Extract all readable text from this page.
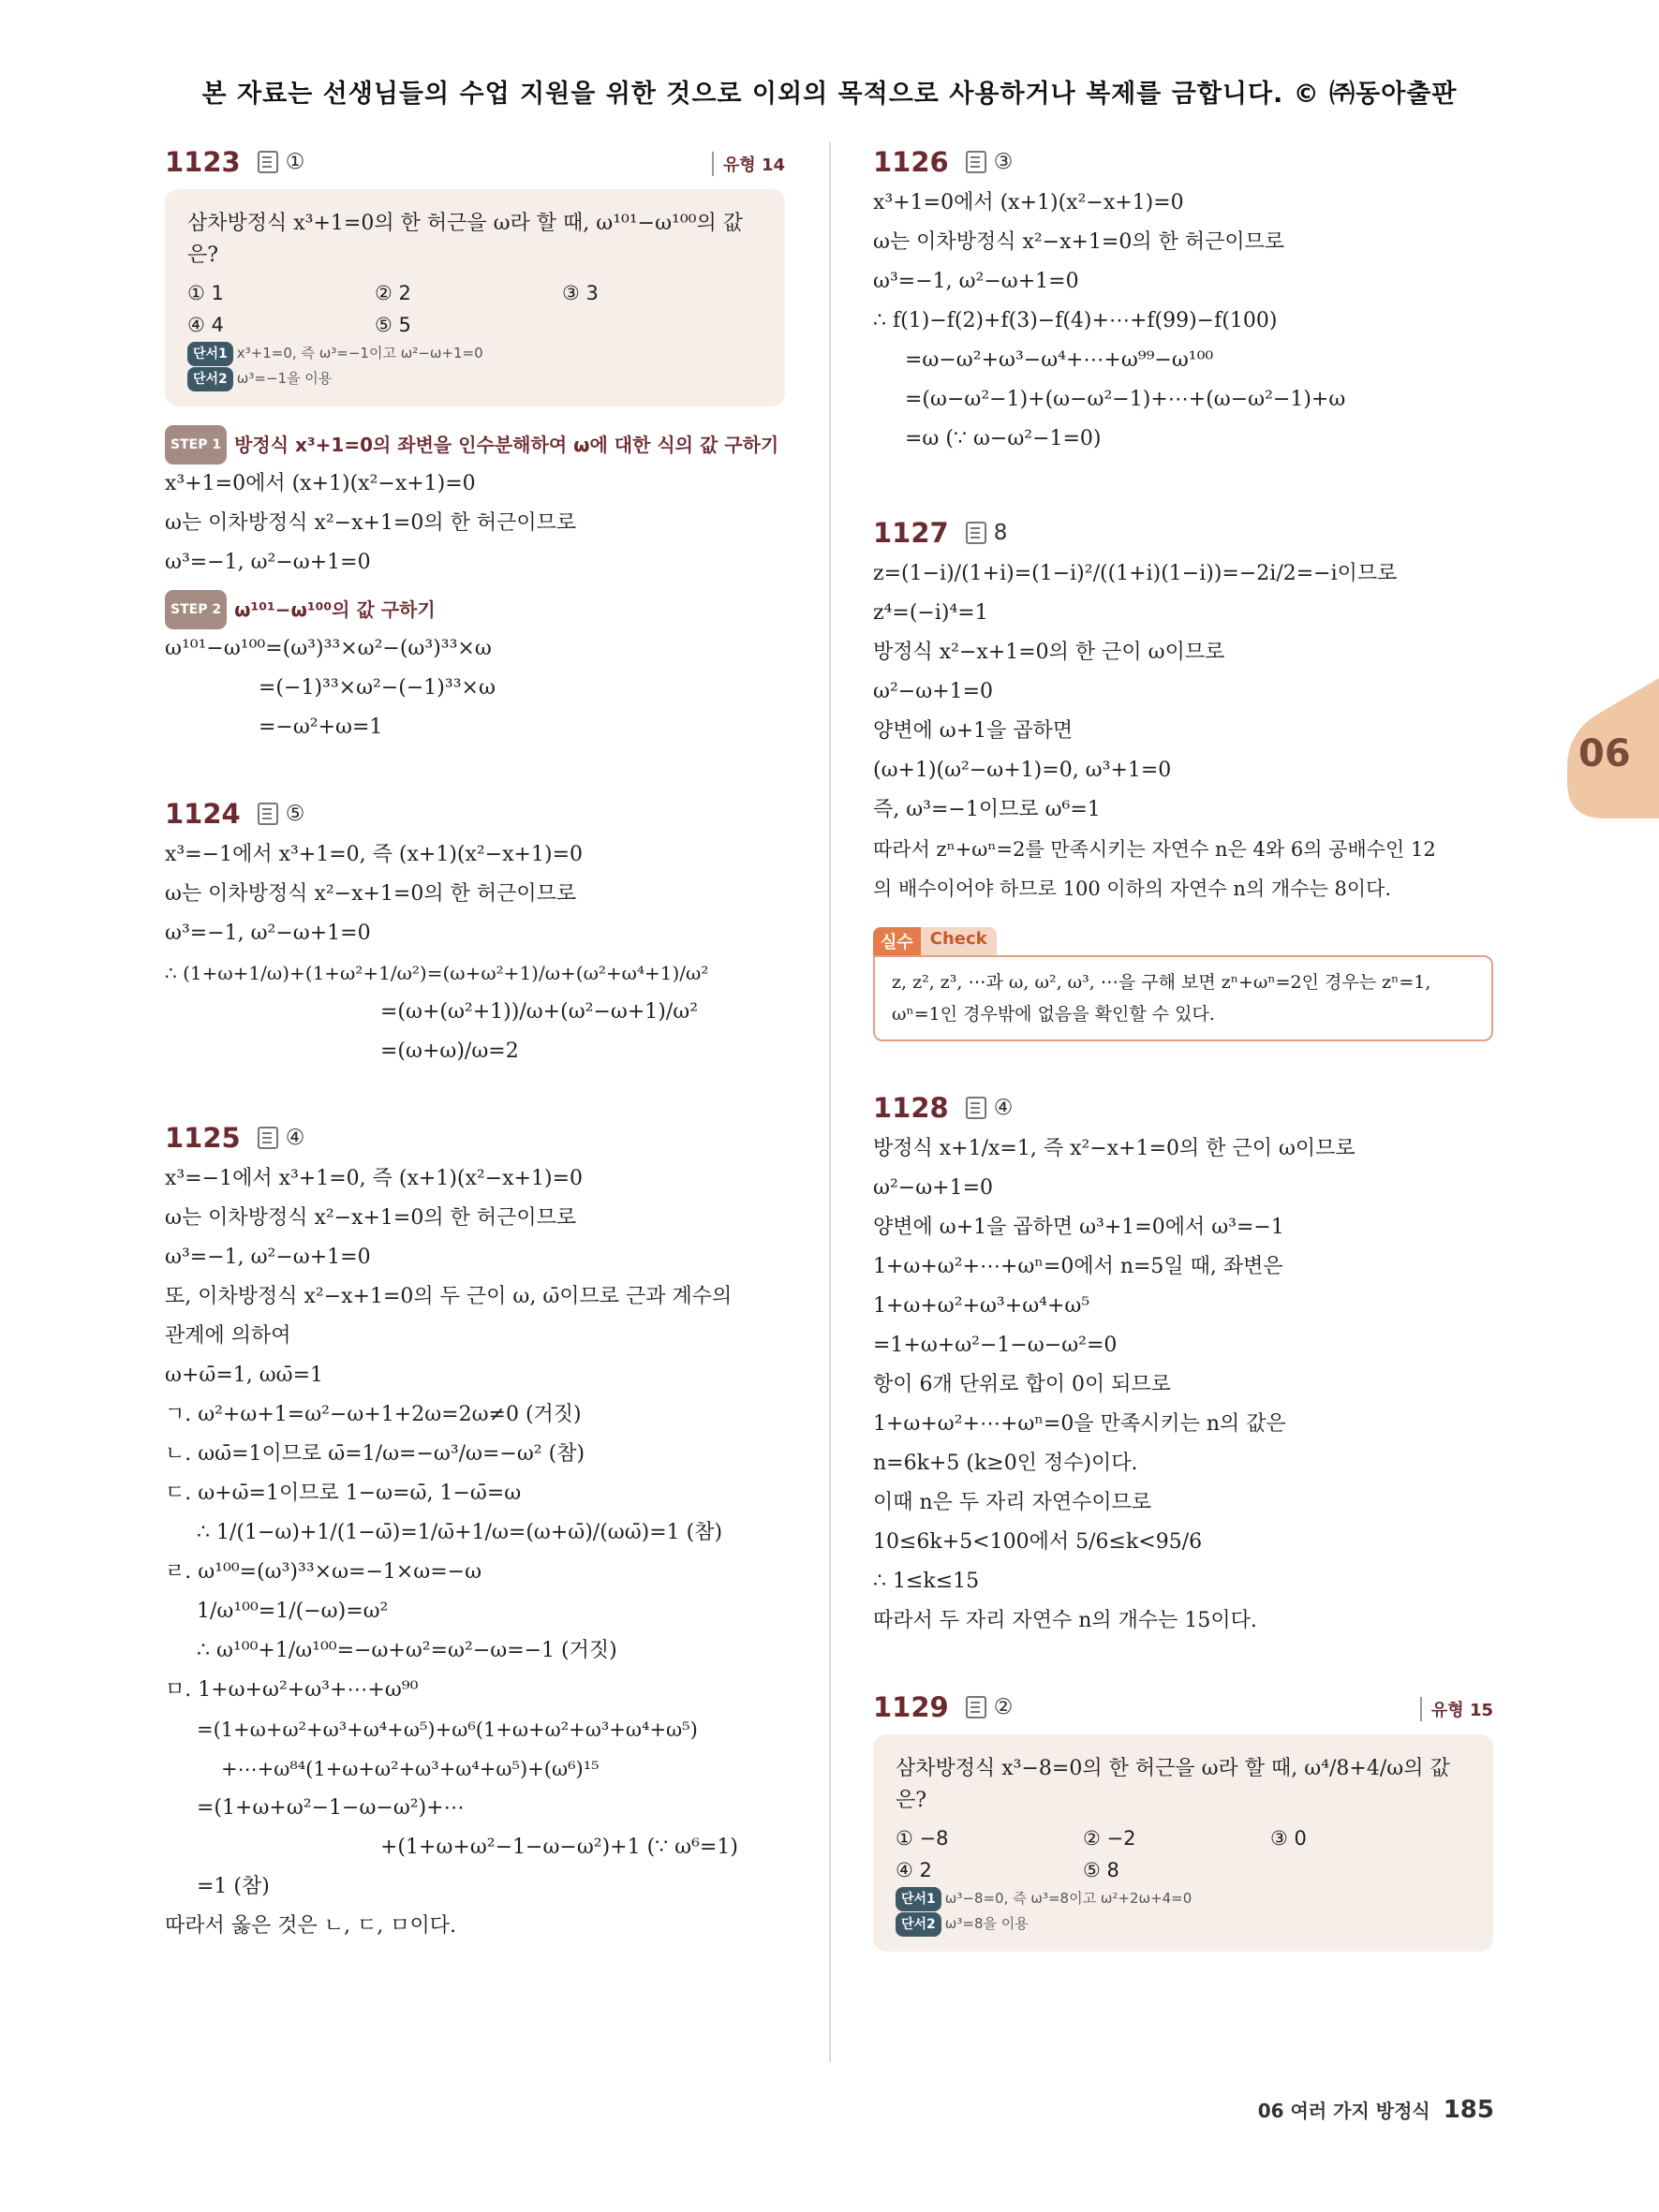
본 자료는 선생님들의 수업 지원을 위한 것으로 이외의 목적으로 사용하거나 복제를 금합니다. © ㈜동아출판
1123 ①	유형 14
삼차방정식 x³+1=0의 한 허근을 ω라 할 때, ω¹⁰¹−ω¹⁰⁰의 값은?
① 1	② 2	③ 3
④ 4	⑤ 5
단서1 x³+1=0, 즉 ω³=−1이고 ω²−ω+1=0
단서2 ω³=−1을 이용
STEP 1 방정식 x³+1=0의 좌변을 인수분해하여 ω에 대한 식의 값 구하기
x³+1=0에서 (x+1)(x²−x+1)=0
ω는 이차방정식 x²−x+1=0의 한 허근이므로
ω³=−1, ω²−ω+1=0
STEP 2 ω¹⁰¹−ω¹⁰⁰의 값 구하기
ω¹⁰¹−ω¹⁰⁰=(ω³)³³×ω²−(ω³)³³×ω
=(−1)³³×ω²−(−1)³³×ω
=−ω²+ω=1
1124 ⑤
x³=−1에서 x³+1=0, 즉 (x+1)(x²−x+1)=0
ω는 이차방정식 x²−x+1=0의 한 허근이므로
ω³=−1, ω²−ω+1=0
∴ (1+ω+1/ω)+(1+ω²+1/ω²)=(ω+ω²+1)/ω+(ω²+ω⁴+1)/ω²
=(ω+(ω²+1))/ω+(ω²−ω+1)/ω²
=(ω+ω)/ω=2
1125 ④
x³=−1에서 x³+1=0, 즉 (x+1)(x²−x+1)=0
ω는 이차방정식 x²−x+1=0의 한 허근이므로
ω³=−1, ω²−ω+1=0
또, 이차방정식 x²−x+1=0의 두 근이 ω, ω̄이므로 근과 계수의
관계에 의하여
ω+ω̄=1, ωω̄=1
ㄱ. ω²+ω+1=ω²−ω+1+2ω=2ω≠0 (거짓)
ㄴ. ωω̄=1이므로 ω̄=1/ω=−ω³/ω=−ω² (참)
ㄷ. ω+ω̄=1이므로 1−ω=ω̄, 1−ω̄=ω
∴ 1/(1−ω)+1/(1−ω̄)=1/ω̄+1/ω=(ω+ω̄)/(ωω̄)=1 (참)
ㄹ. ω¹⁰⁰=(ω³)³³×ω=−1×ω=−ω
1/ω¹⁰⁰=1/(−ω)=ω²
∴ ω¹⁰⁰+1/ω¹⁰⁰=−ω+ω²=ω²−ω=−1 (거짓)
ㅁ. 1+ω+ω²+ω³+⋯+ω⁹⁰
=(1+ω+ω²+ω³+ω⁴+ω⁵)+ω⁶(1+ω+ω²+ω³+ω⁴+ω⁵)
+⋯+ω⁸⁴(1+ω+ω²+ω³+ω⁴+ω⁵)+(ω⁶)¹⁵
=(1+ω+ω²−1−ω−ω²)+⋯
+(1+ω+ω²−1−ω−ω²)+1 (∵ ω⁶=1)
=1 (참)
따라서 옳은 것은 ㄴ, ㄷ, ㅁ이다.
1126 ③
x³+1=0에서 (x+1)(x²−x+1)=0
ω는 이차방정식 x²−x+1=0의 한 허근이므로
ω³=−1, ω²−ω+1=0
∴ f(1)−f(2)+f(3)−f(4)+⋯+f(99)−f(100)
=ω−ω²+ω³−ω⁴+⋯+ω⁹⁹−ω¹⁰⁰
=(ω−ω²−1)+(ω−ω²−1)+⋯+(ω−ω²−1)+ω
=ω (∵ ω−ω²−1=0)
1127 8
z=(1−i)/(1+i)=(1−i)²/((1+i)(1−i))=−2i/2=−i이므로
z⁴=(−i)⁴=1
방정식 x²−x+1=0의 한 근이 ω이므로
ω²−ω+1=0
양변에 ω+1을 곱하면
(ω+1)(ω²−ω+1)=0, ω³+1=0
즉, ω³=−1이므로 ω⁶=1
따라서 zⁿ+ωⁿ=2를 만족시키는 자연수 n은 4와 6의 공배수인 12
의 배수이어야 하므로 100 이하의 자연수 n의 개수는 8이다.
실수	Check
z, z², z³, ⋯과 ω, ω², ω³, ⋯을 구해 보면 zⁿ+ωⁿ=2인 경우는 zⁿ=1,
ωⁿ=1인 경우밖에 없음을 확인할 수 있다.
1128 ④
방정식 x+1/x=1, 즉 x²−x+1=0의 한 근이 ω이므로
ω²−ω+1=0
양변에 ω+1을 곱하면 ω³+1=0에서 ω³=−1
1+ω+ω²+⋯+ωⁿ=0에서 n=5일 때, 좌변은
1+ω+ω²+ω³+ω⁴+ω⁵
=1+ω+ω²−1−ω−ω²=0
항이 6개 단위로 합이 0이 되므로
1+ω+ω²+⋯+ωⁿ=0을 만족시키는 n의 값은
n=6k+5 (k≥0인 정수)이다.
이때 n은 두 자리 자연수이므로
10≤6k+5<100에서 5/6≤k<95/6
∴ 1≤k≤15
따라서 두 자리 자연수 n의 개수는 15이다.
1129 ②	유형 15
삼차방정식 x³−8=0의 한 허근을 ω라 할 때, ω⁴/8+4/ω의 값은?
① −8	② −2	③ 0
④ 2	⑤ 8
단서1 ω³−8=0, 즉 ω³=8이고 ω²+2ω+4=0
단서2 ω³=8을 이용
06
06 여러 가지 방정식 185
